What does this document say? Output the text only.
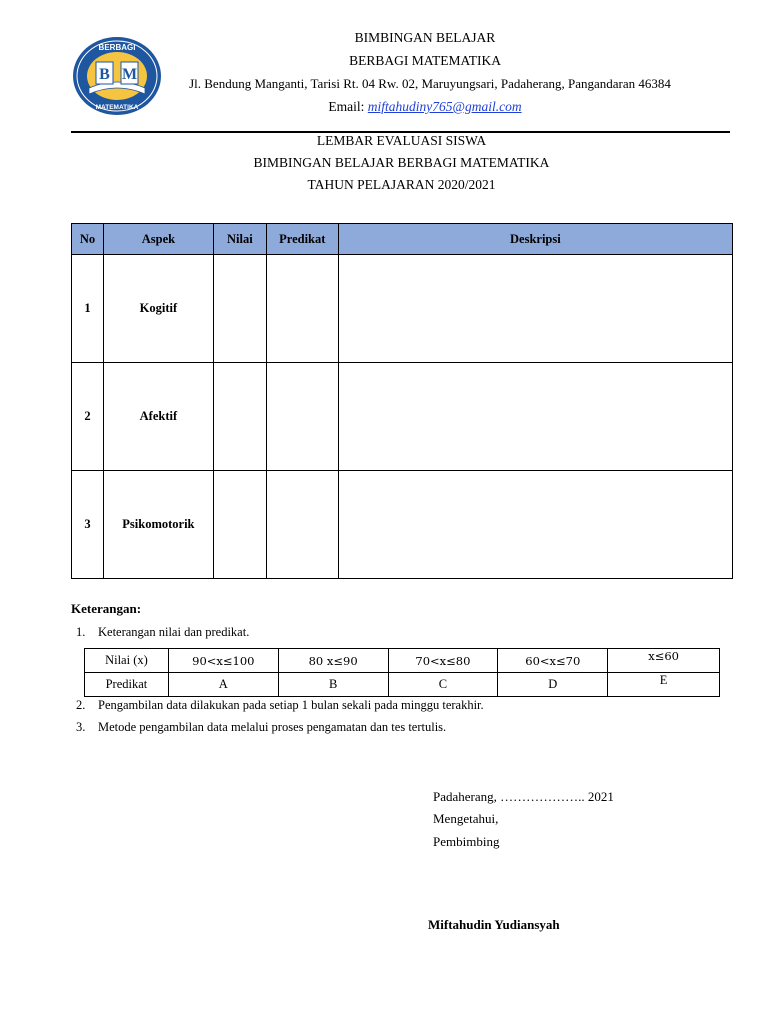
B M
BERBAGI
MATEMATIKA
BIMBINGAN BELAJAR
BERBAGI MATEMATIKA
Jl. Bendung Manganti, Tarisi Rt. 04 Rw. 02, Maruyungsari, Padaherang, Pangandaran 46384
Email: miftahudiny765@gmail.com
LEMBAR EVALUASI SISWA
BIMBINGAN BELAJAR BERBAGI MATEMATIKA
TAHUN PELAJARAN 2020/2021
No	Aspek	Nilai	Predikat	Deskripsi
1	Kogitif			
2	Afektif			
3	Psikomotorik			
Keterangan:
1. Keterangan nilai dan predikat.
Nilai (x)	90<x≤100	80 x≤90	70<x≤80	60<x≤70	x≤60
Predikat	A	B	C	D	E
2. Pengambilan data dilakukan pada setiap 1 bulan sekali pada minggu terakhir.
3. Metode pengambilan data melalui proses pengamatan dan tes tertulis.
Padaherang, ……………….. 2021
Mengetahui,
Pembimbing
Miftahudin Yudiansyah
